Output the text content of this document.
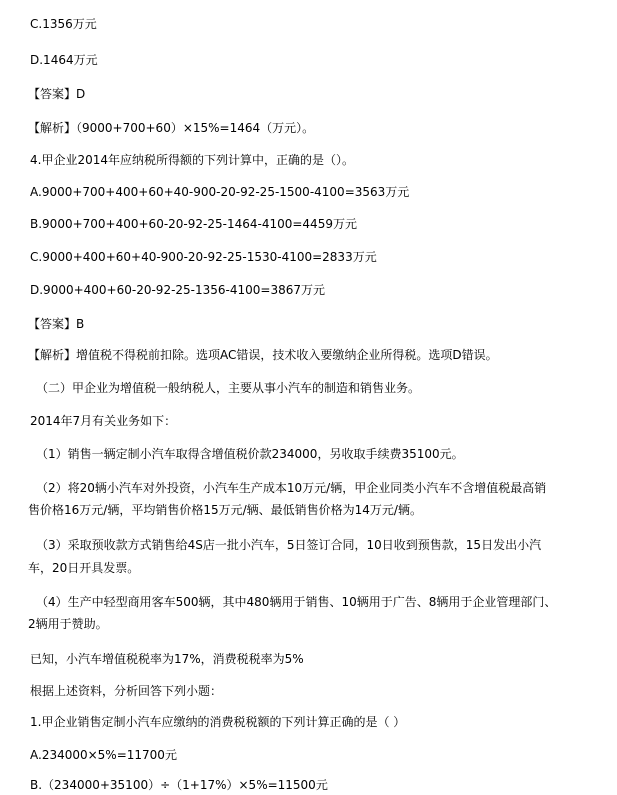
C.1356万元
D.1464万元
【答案】D
【解析】（9000+700+60）×15%=1464（万元）。
4.甲企业2014年应纳税所得额的下列计算中，正确的是（）。
A.9000+700+400+60+40-900-20-92-25-1500-4100=3563万元
B.9000+700+400+60-20-92-25-1464-4100=4459万元
C.9000+400+60+40-900-20-92-25-1530-4100=2833万元
D.9000+400+60-20-92-25-1356-4100=3867万元
【答案】B
【解析】增值税不得税前扣除。选项AC错误，技术收入要缴纳企业所得税。选项D错误。
（二）甲企业为增值税一般纳税人，主要从事小汽车的制造和销售业务。
2014年7月有关业务如下：
（1）销售一辆定制小汽车取得含增值税价款234000，另收取手续费35100元。
（2）将20辆小汽车对外投资，小汽车生产成本10万元/辆，甲企业同类小汽车不含增值税最高销
售价格16万元/辆，平均销售价格15万元/辆、最低销售价格为14万元/辆。
（3）采取预收款方式销售给4S店一批小汽车，5日签订合同，10日收到预售款，15日发出小汽
车，20日开具发票。
（4）生产中轻型商用客车500辆，其中480辆用于销售、10辆用于广告、8辆用于企业管理部门、
2辆用于赞助。
已知，小汽车增值税税率为17%，消费税税率为5%
根据上述资料，分析回答下列小题：
1.甲企业销售定制小汽车应缴纳的消费税税额的下列计算正确的是（ ）
A.234000×5%=11700元
B.（234000+35100）÷（1+17%）×5%=11500元
